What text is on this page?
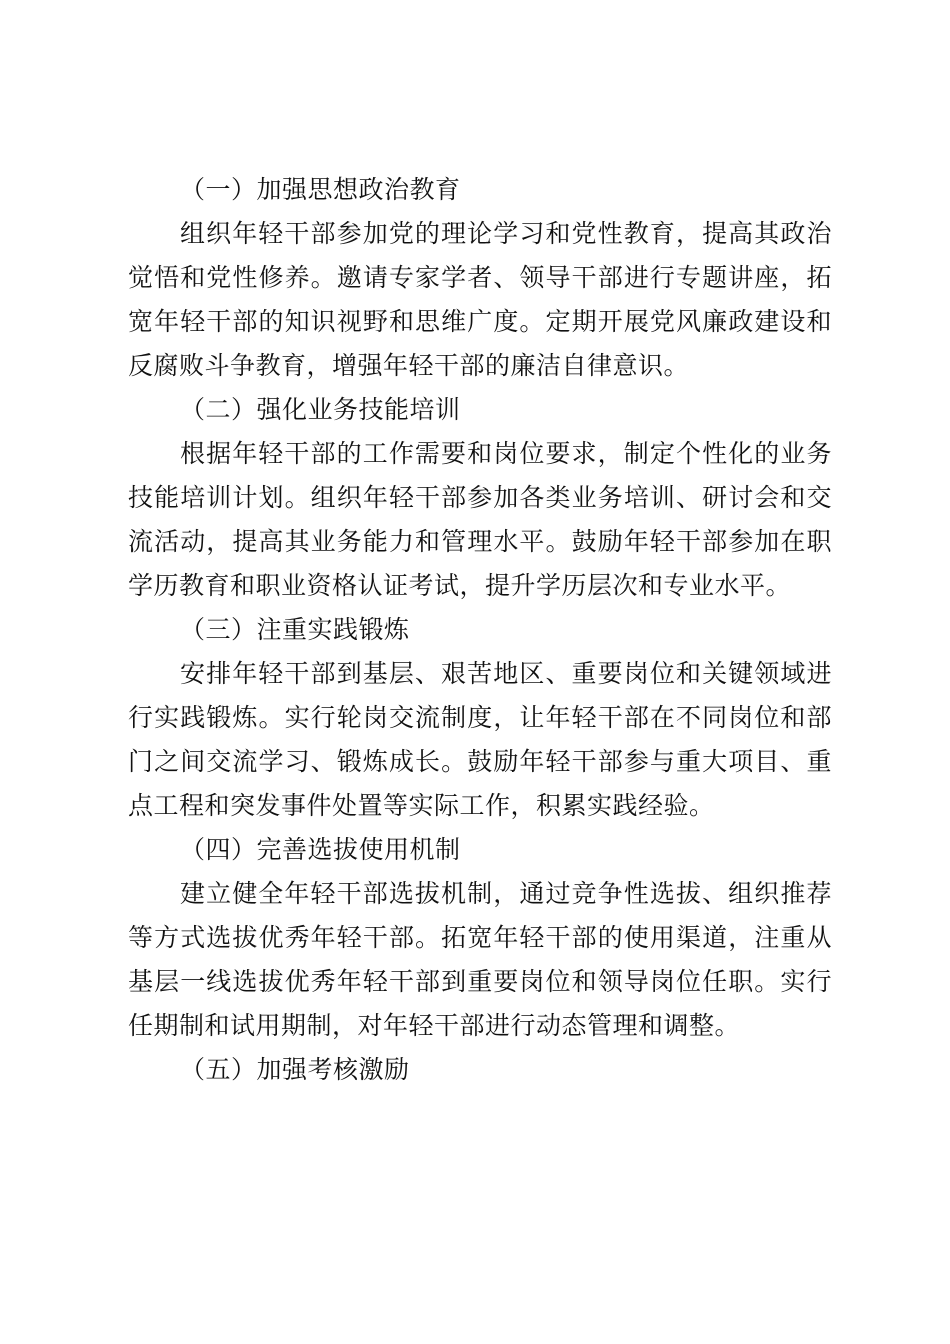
（一）加强思想政治教育

组织年轻干部参加党的理论学习和党性教育，提高其政治觉悟和党性修养。邀请专家学者、领导干部进行专题讲座，拓宽年轻干部的知识视野和思维广度。定期开展党风廉政建设和反腐败斗争教育，增强年轻干部的廉洁自律意识。

（二）强化业务技能培训

根据年轻干部的工作需要和岗位要求，制定个性化的业务技能培训计划。组织年轻干部参加各类业务培训、研讨会和交流活动，提高其业务能力和管理水平。鼓励年轻干部参加在职学历教育和职业资格认证考试，提升学历层次和专业水平。

（三）注重实践锻炼

安排年轻干部到基层、艰苦地区、重要岗位和关键领域进行实践锻炼。实行轮岗交流制度，让年轻干部在不同岗位和部门之间交流学习、锻炼成长。鼓励年轻干部参与重大项目、重点工程和突发事件处置等实际工作，积累实践经验。

（四）完善选拔使用机制

建立健全年轻干部选拔机制，通过竞争性选拔、组织推荐等方式选拔优秀年轻干部。拓宽年轻干部的使用渠道，注重从基层一线选拔优秀年轻干部到重要岗位和领导岗位任职。实行任期制和试用期制，对年轻干部进行动态管理和调整。

（五）加强考核激励
